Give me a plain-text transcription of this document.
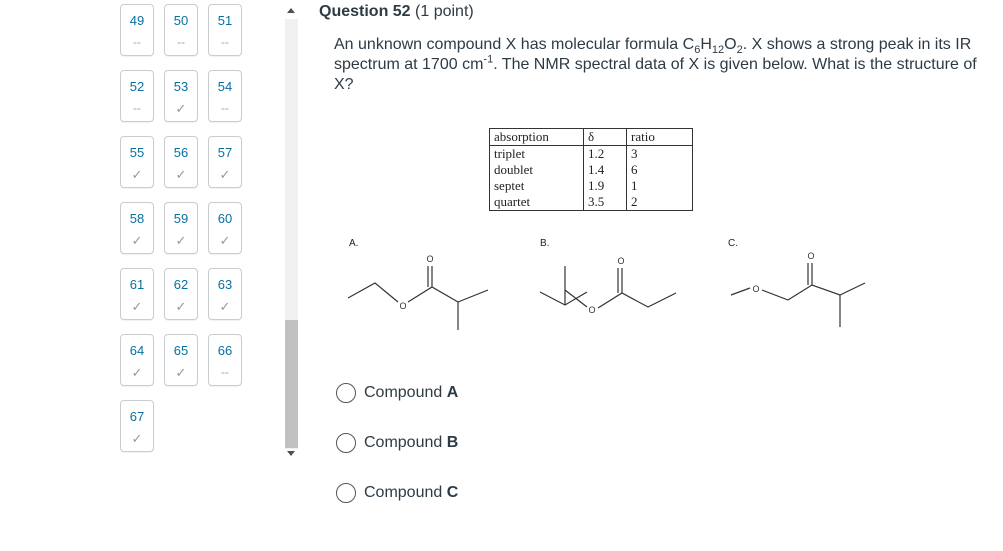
49
--
50
--
51
--
52
--
53
✓
54
--
55
✓
56
✓
57
✓
58
✓
59
✓
60
✓
61
✓
62
✓
63
✓
64
✓
65
✓
66
--
67
✓
Question 52 (1 point)
An unknown compound X has molecular formula $C_6H_{12}O_2$. X shows a strong peak in its IR spectrum at 1700 $cm^{-1}$. The NMR spectral data of X is given below. What is the structure of X?
absorption	δ	ratio
triplet	1.2	3
doublet	1.4	6
septet	1.9	1
quartet	3.5	2
A.	B.	C.
O
O
O
O
O
O
Compound A
Compound B
Compound C
